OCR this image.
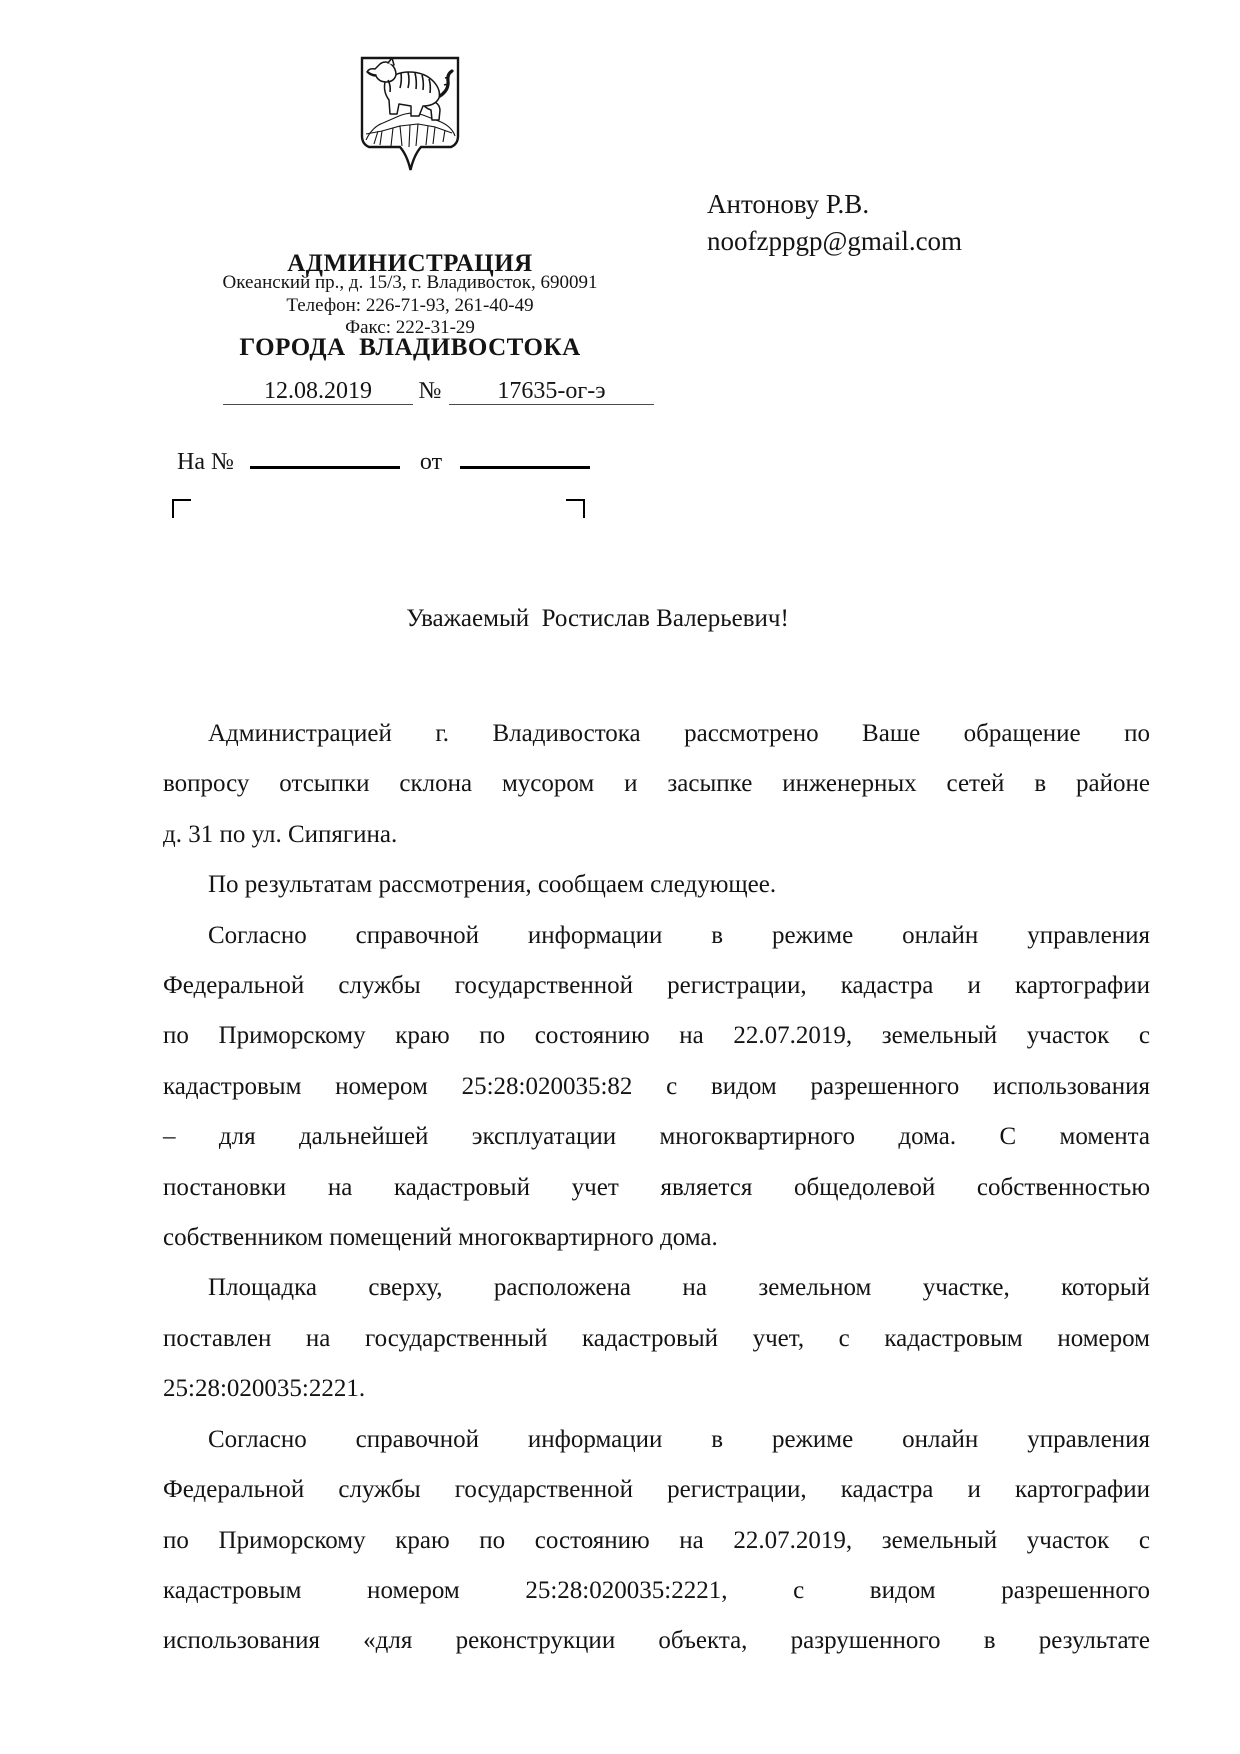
АДМИНИСТРАЦИЯ

ГОРОДА  ВЛАДИВОСТОКА

Океанский пр., д. 15/3, г. Владивосток, 690091
Телефон: 226-71-93, 261-40-49
Факс: 222-31-29
Антонову Р.В.
noofzppgp@gmail.com
12.08.2019 № 17635-ог-э
На №	от
Уважаемый  Ростислав Валерьевич!
Администрацией г. Владивостока рассмотрено Ваше обращение по
вопросу отсыпки склона мусором и засыпке инженерных сетей в районе
д. 31 по ул. Сипягина.
По результатам рассмотрения, сообщаем следующее.
Согласно справочной информации в режиме онлайн управления
Федеральной службы государственной регистрации, кадастра и картографии
по Приморскому краю по состоянию на 22.07.2019, земельный участок с
кадастровым номером 25:28:020035:82 с видом разрешенного использования
– для дальнейшей эксплуатации многоквартирного дома. С момента
постановки на кадастровый учет является общедолевой собственностью
собственником помещений многоквартирного дома.
Площадка сверху, расположена на земельном участке, который
поставлен на государственный кадастровый учет, с кадастровым номером
25:28:020035:2221.
Согласно справочной информации в режиме онлайн управления
Федеральной службы государственной регистрации, кадастра и картографии
по Приморскому краю по состоянию на 22.07.2019, земельный участок с
кадастровым номером 25:28:020035:2221, с видом разрешенного
использования «для реконструкции объекта, разрушенного в результате
